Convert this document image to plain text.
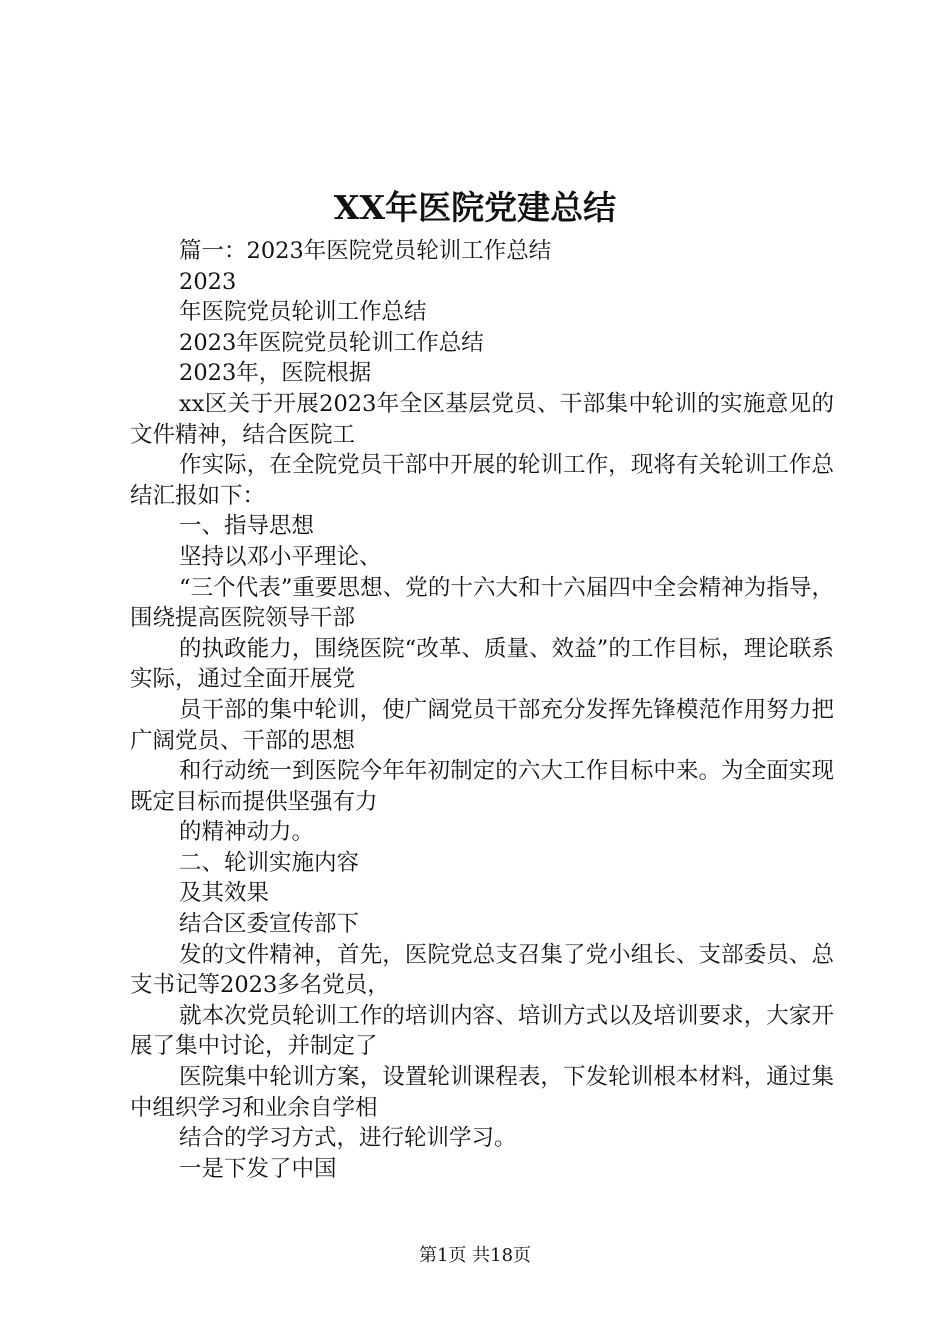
XX年医院党建总结

篇一：2023年医院党员轮训工作总结

2023

年医院党员轮训工作总结

2023年医院党员轮训工作总结

2023年，医院根据

xx区关于开展2023年全区基层党员、干部集中轮训的实施意见的文件精神，结合医院工

作实际，在全院党员干部中开展的轮训工作，现将有关轮训工作总结汇报如下：

一、指导思想

坚持以邓小平理论、

“三个代表”重要思想、党的十六大和十六届四中全会精神为指导，围绕提高医院领导干部

的执政能力，围绕医院“改革、质量、效益”的工作目标，理论联系实际，通过全面开展党

员干部的集中轮训，使广阔党员干部充分发挥先锋模范作用努力把广阔党员、干部的思想

和行动统一到医院今年年初制定的六大工作目标中来。为全面实现既定目标而提供坚强有力

的精神动力。

二、轮训实施内容

及其效果

结合区委宣传部下

发的文件精神，首先，医院党总支召集了党小组长、支部委员、总支书记等2023多名党员，

就本次党员轮训工作的培训内容、培训方式以及培训要求，大家开展了集中讨论，并制定了

医院集中轮训方案，设置轮训课程表，下发轮训根本材料，通过集中组织学习和业余自学相

结合的学习方式，进行轮训学习。

一是下发了中国

第1页 共18页
